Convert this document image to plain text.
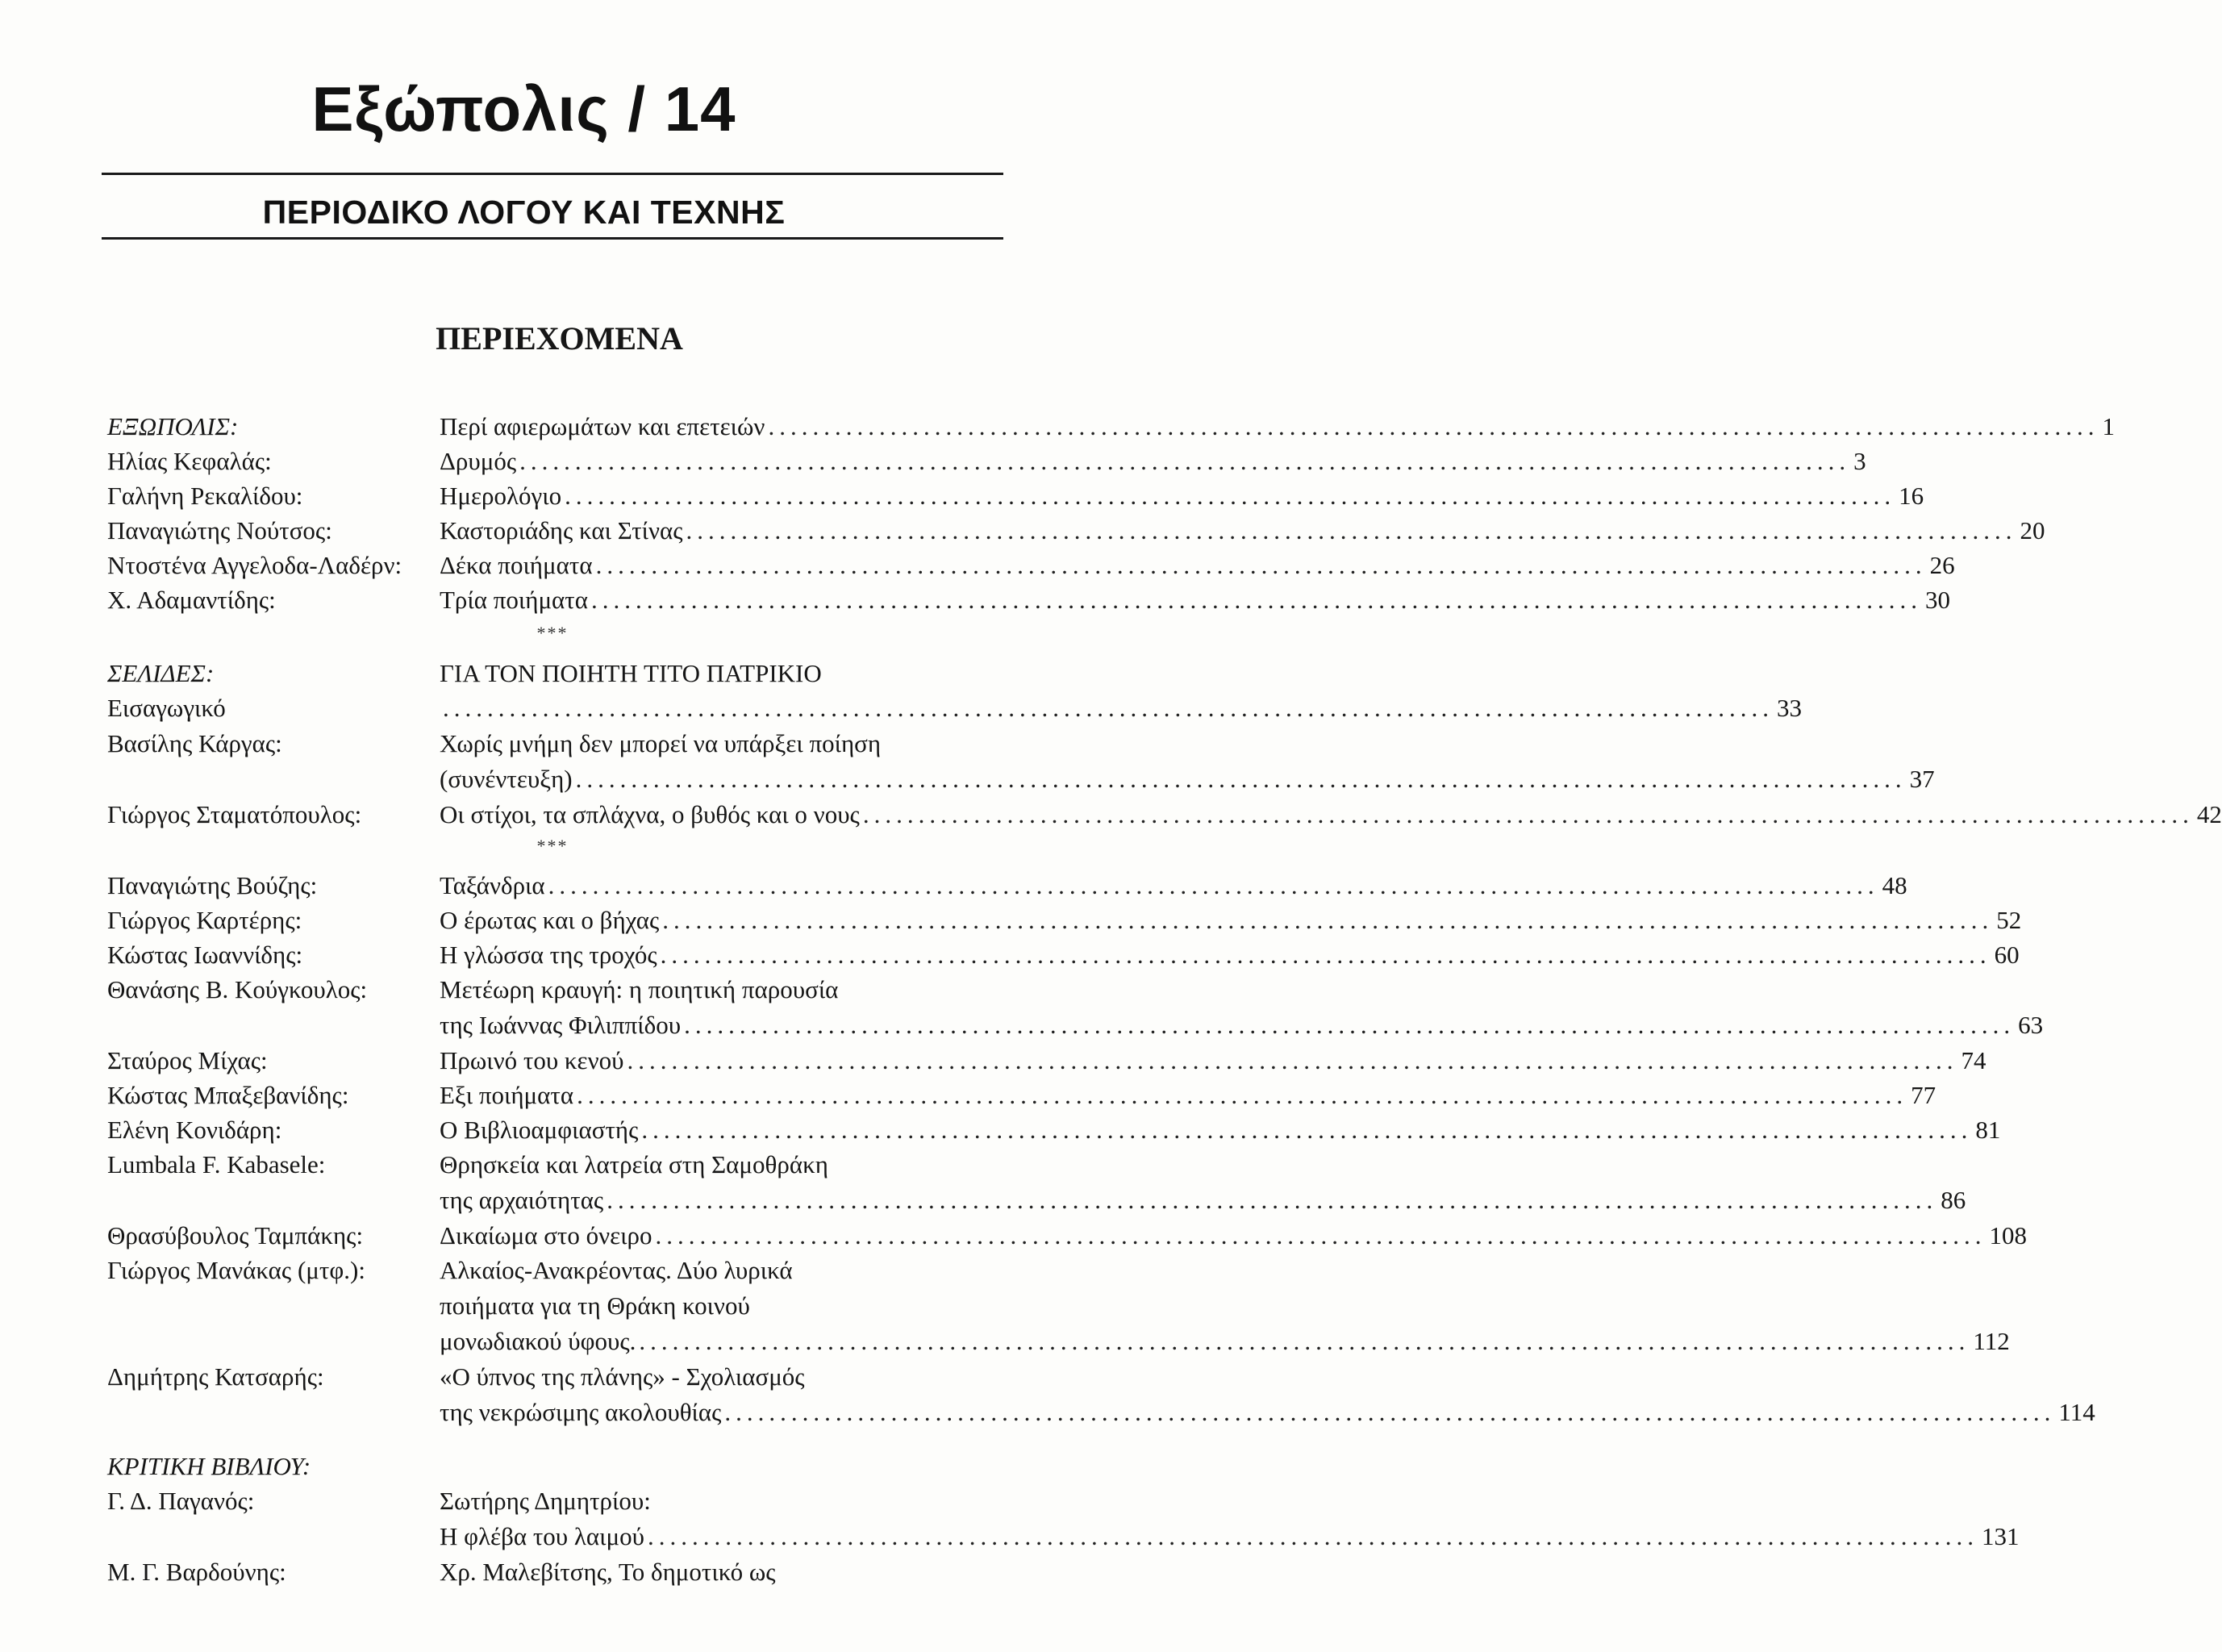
Εξώπολις / 14
ΠΕΡΙΟΔΙΚΟ ΛΟΓΟΥ ΚΑΙ ΤΕΧΝΗΣ
ΠΕΡΙΕΧΟΜΕΝΑ
ΕΞΩΠΟΛΙΣ:	Περί αφιερωμάτων και επετειών ........................................................................................................................ 1
Ηλίας Κεφαλάς:	Δρυμός ........................................................................................................................ 3
Γαλήνη Ρεκαλίδου:	Ημερολόγιο ........................................................................................................................ 16
Παναγιώτης Νούτσος:	Καστοριάδης και Στίνας ........................................................................................................................ 20
Ντοστένα Αγγελοδα-Λαδέρν: Δέκα ποιήματα ........................................................................................................................ 26
Χ. Αδαμαντίδης:	Τρία ποιήματα ........................................................................................................................ 30
ΣΕΛΙΔΕΣ:	ΓΙΑ ΤΟΝ ΠΟΙΗΤΗ ΤΙΤΟ ΠΑΤΡΙΚΙΟ
Εισαγωγικό	........................................................................................................................ 33
Βασίλης Κάργας:	Χωρίς μνήμη δεν μπορεί να υπάρξει ποίηση
(συνέντευξη) ........................................................................................................................ 37
Γιώργος Σταματόπουλος:	Οι στίχοι, τα σπλάχνα, ο βυθός και ο νους ........................................................................................................................ 42
Παναγιώτης Βούζης:	Ταξάνδρια ........................................................................................................................ 48
Γιώργος Καρτέρης:	Ο έρωτας και ο βήχας ........................................................................................................................ 52
Κώστας Ιωαννίδης:	Η γλώσσα της τροχός ........................................................................................................................ 60
Θανάσης Β. Κούγκουλος:	Μετέωρη κραυγή: η ποιητική παρουσία
της Ιωάννας Φιλιππίδου ........................................................................................................................ 63
Σταύρος Μίχας:	Πρωινό του κενού ........................................................................................................................ 74
Κώστας Μπαξεβανίδης:	Εξι ποιήματα ........................................................................................................................ 77
Ελένη Κονιδάρη:	Ο Βιβλιοαμφιαστής ........................................................................................................................ 81
Lumbala F. Kabasele:	Θρησκεία και λατρεία στη Σαμοθράκη
της αρχαιότητας ........................................................................................................................ 86
Θρασύβουλος Ταμπάκης:	Δικαίωμα στο όνειρο ........................................................................................................................ 108
Γιώργος Μανάκας (μτφ.):	Αλκαίος-Ανακρέοντας. Δύο λυρικά
ποιήματα για τη Θράκη κοινού
μονωδιακού ύφους. ........................................................................................................................ 112
Δημήτρης Κατσαρής:	«Ο ύπνος της πλάνης» - Σχολιασμός
της νεκρώσιμης ακολουθίας ........................................................................................................................ 114
ΚΡΙΤΙΚΗ ΒΙΒΛΙΟΥ:
Γ. Δ. Παγανός:	Σωτήρης Δημητρίου:
Η φλέβα του λαιμού ........................................................................................................................ 131
Μ. Γ. Βαρδούνης:	Χρ. Μαλεβίτσης, Το δημοτικό ως
***
***
